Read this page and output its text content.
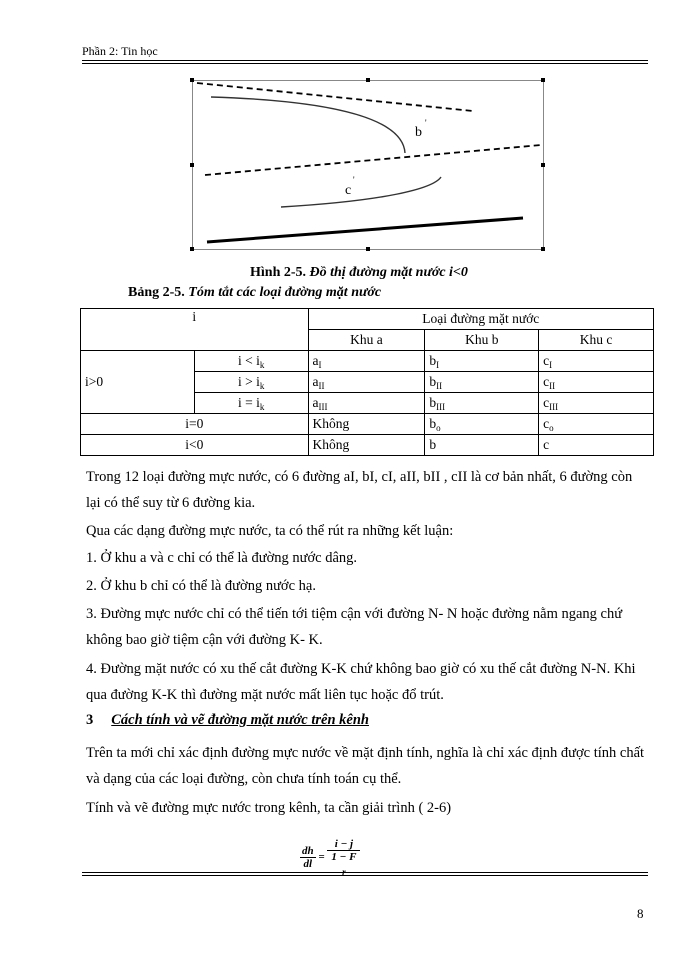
Phần 2: Tin học
b
'
c
'
Hình 2-5. Đồ thị đường mặt nước i<0
Bảng 2-5. Tóm tắt các loại đường mặt nước
i		Loại đường mặt nước		
		Khu a	Khu b	Khu c
i>0	$i < i_k$	$a_I$	$b_I$	$c_I$
	$i > i_k$	$a_{II}$	$b_{II}$	$c_{II}$
	$i = i_k$	$a_{III}$	$b_{III}$	$c_{III}$
i=0		Không	$b_o$	$c_o$
i<0		Không	b	c

Trong 12 loại đường mực nước, có 6 đường aI, bI, cI, aII, bII , cII là cơ bản nhất, 6 đường còn lại có thể suy từ 6 đường kia.

Qua các dạng đường mực nước, ta có thể rút ra những kết luận:

1. Ở khu a và c chỉ có thể là đường nước dâng.

2. Ở khu b chỉ có thể là đường nước hạ.

3. Đường mực nước chỉ có thể tiến tới tiệm cận với đường N- N hoặc đường nằm ngang chứ không bao giờ tiệm cận với đường K- K.

4. Đường mặt nước có xu thế cắt đường K-K chứ không bao giờ có xu thế cắt đường N-N. Khi qua đường K-K thì đường mặt nước mất liên tục hoặc đổ trút.

3 Cách tính và vẽ đường mặt nước trên kênh

Trên ta mới chỉ xác định đường mực nước về mặt định tính, nghĩa là chỉ xác định được tính chất và dạng của các loại đường, còn chưa tính toán cụ thể.

Tính và vẽ đường mực nước trong kênh, ta cần giải trình ( 2-6)

$\frac{dh}{dl} = i - j$
1 − F
$_r$
8
